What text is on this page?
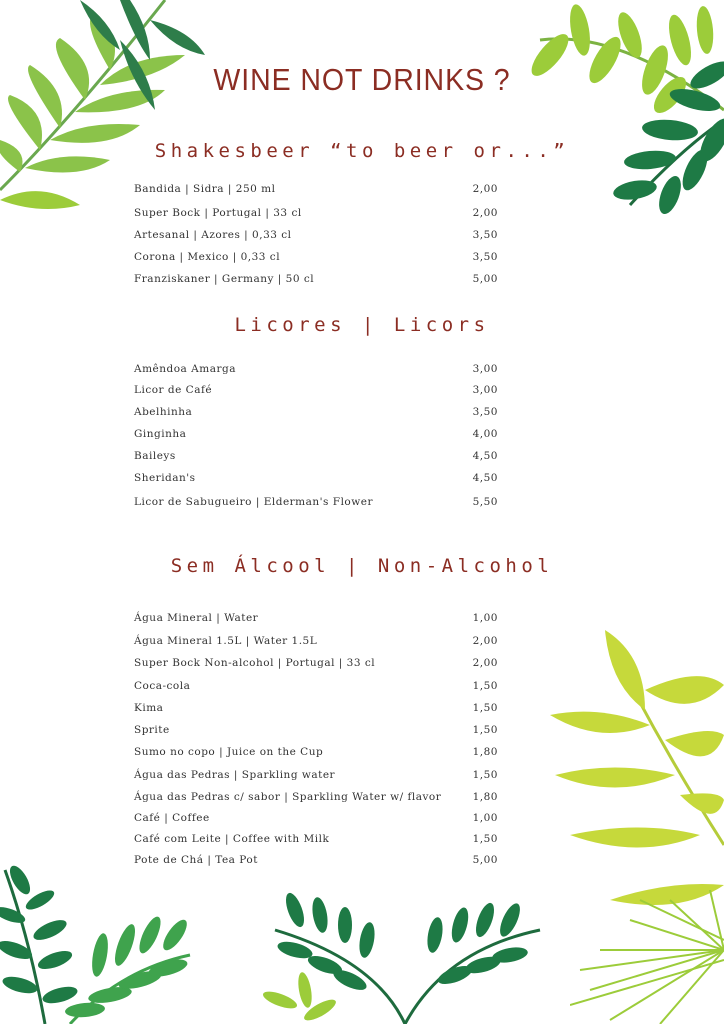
WINE NOT DRINKS ?
Shakesbeer “to beer or...”
Bandida | Sidra | 250 ml	2,00
Super Bock | Portugal | 33 cl	2,00
Artesanal | Azores | 0,33 cl	3,50
Corona | Mexico | 0,33 cl	3,50
Franziskaner | Germany | 50 cl	5,00
Licores | Licors
Amêndoa Amarga	3,00
Licor de Café	3,00
Abelhinha	3,50
Ginginha	4,00
Baileys	4,50
Sheridan's	4,50
Licor de Sabugueiro | Elderman's Flower	5,50
Sem Álcool | Non-Alcohol
Água Mineral | Water	1,00
Água Mineral 1.5L | Water 1.5L	2,00
Super Bock Non-alcohol | Portugal | 33 cl	2,00
Coca-cola	1,50
Kima	1,50
Sprite	1,50
Sumo no copo | Juice on the Cup	1,80
Água das Pedras | Sparkling water	1,50
Água das Pedras c/ sabor | Sparkling Water w/ flavor	1,80
Café | Coffee	1,00
Café com Leite | Coffee with Milk	1,50
Pote de Chá | Tea Pot	5,00
